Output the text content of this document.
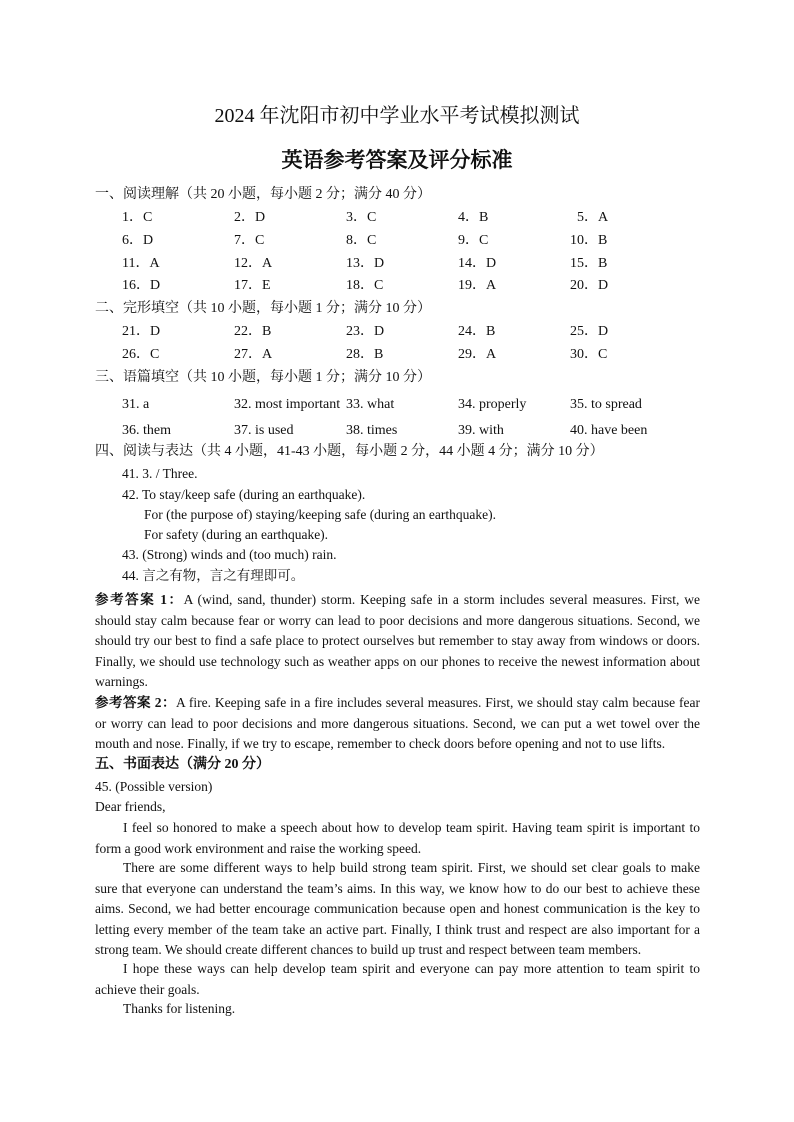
2024 年沈阳市初中学业水平考试模拟测试
英语参考答案及评分标准
一、阅读理解（共 20 小题，每小题 2 分；满分 40 分）
1．C	2．D	3．C	4．B	5．A
6．D	7．C	8．C	9．C	10．B
11．A	12．A	13．D	14．D	15．B
16．D	17．E	18．C	19．A	20．D
二、完形填空（共 10 小题，每小题 1 分；满分 10 分）
21．D	22．B	23．D	24．B	25．D
26．C	27．A	28．B	29．A	30．C
三、语篇填空（共 10 小题，每小题 1 分；满分 10 分）
31. a	32. most important 33. what	34. properly	35. to spread
36. them	37. is used	38. times	39. with	40. have been
四、阅读与表达（共 4 小题，41-43 小题，每小题 2 分，44 小题 4 分；满分 10 分）
41. 3. / Three.
42. To stay/keep safe (during an earthquake).
For (the purpose of) staying/keeping safe (during an earthquake).
For safety (during an earthquake).
43. (Strong) winds and (too much) rain.
44. 言之有物，言之有理即可。
参考答案 1：A (wind, sand, thunder) storm. Keeping safe in a storm includes several measures. First, we should stay calm because fear or worry can lead to poor decisions and more dangerous situations. Second, we should try our best to find a safe place to protect ourselves but remember to stay away from windows or doors. Finally, we should use technology such as weather apps on our phones to receive the newest information about warnings.
参考答案 2：A fire. Keeping safe in a fire includes several measures. First, we should stay calm because fear or worry can lead to poor decisions and more dangerous situations. Second, we can put a wet towel over the mouth and nose. Finally, if we try to escape, remember to check doors before opening and not to use lifts.
五、书面表达（满分 20 分）
45. (Possible version)
Dear friends,
I feel so honored to make a speech about how to develop team spirit. Having team spirit is important to form a good work environment and raise the working speed.
There are some different ways to help build strong team spirit. First, we should set clear goals to make sure that everyone can understand the team’s aims. In this way, we know how to do our best to achieve these aims. Second, we had better encourage communication because open and honest communication is the key to letting every member of the team take an active part. Finally, I think trust and respect are also important for a strong team. We should create different chances to build up trust and respect between team members.
I hope these ways can help develop team spirit and everyone can pay more attention to team spirit to achieve their goals.
Thanks for listening.
